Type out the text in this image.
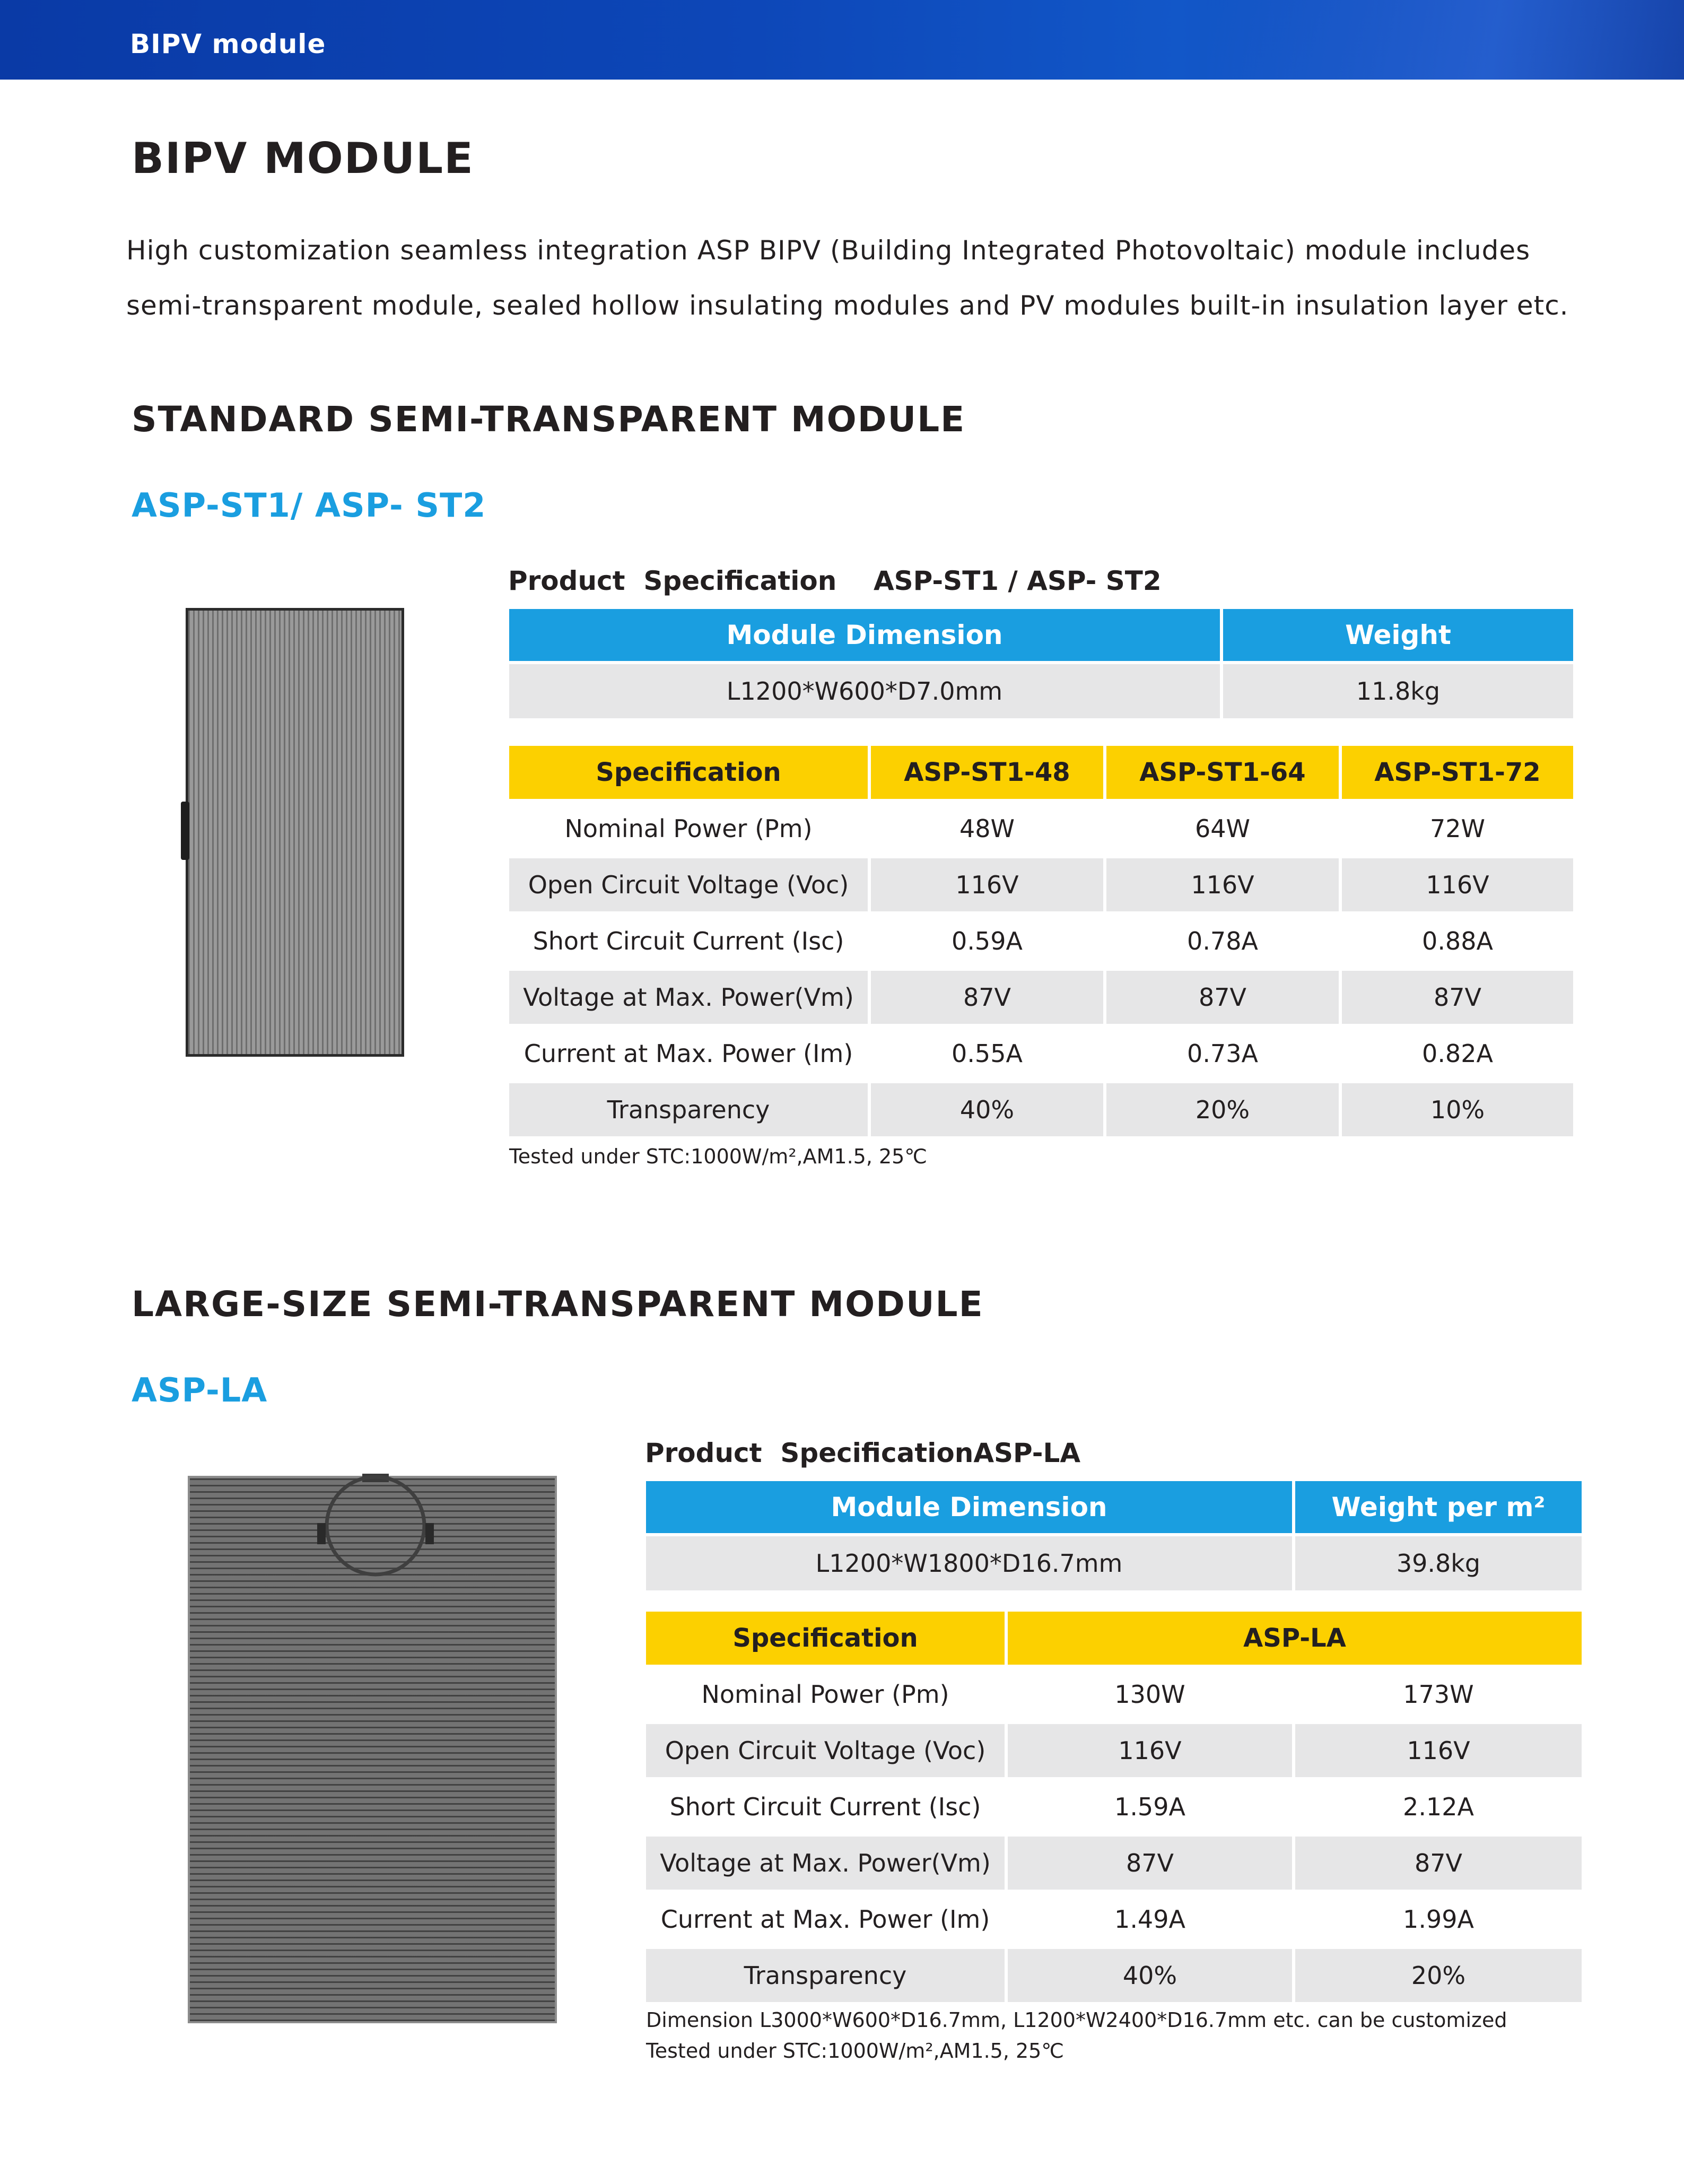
BIPV module
BIPV MODULE
High customization seamless integration ASP BIPV (Building Integrated Photovoltaic) module includes
semi-transparent module, sealed hollow insulating modules and PV modules built-in insulation layer etc.
STANDARD SEMI-TRANSPARENT MODULE
ASP-ST1/ ASP- ST2
Product  Specification ASP-ST1 / ASP- ST2
Module Dimension	Weight
L1200*W600*D7.0mm	11.8kg
Specification	ASP-ST1-48	ASP-ST1-64	ASP-ST1-72
Nominal Power (Pm)	48W	64W	72W
Open Circuit Voltage (Voc)	116V	116V	116V
Short Circuit Current (Isc)	0.59A	0.78A	0.88A
Voltage at Max. Power(Vm)	87V	87V	87V
Current at Max. Power (Im)	0.55A	0.73A	0.82A
Transparency	40%	20%	10%
Tested under STC:1000W/m²,AM1.5, 25℃
LARGE-SIZE SEMI-TRANSPARENT MODULE
ASP-LA
Product  SpecificationASP-LA
Module Dimension	Weight per m²
L1200*W1800*D16.7mm	39.8kg
Specification	ASP-LA
Nominal Power (Pm)	130W	173W
Open Circuit Voltage (Voc)	116V	116V
Short Circuit Current (Isc)	1.59A	2.12A
Voltage at Max. Power(Vm)	87V	87V
Current at Max. Power (Im)	1.49A	1.99A
Transparency	40%	20%
Dimension L3000*W600*D16.7mm, L1200*W2400*D16.7mm etc. can be customized
Tested under STC:1000W/m²,AM1.5, 25℃
